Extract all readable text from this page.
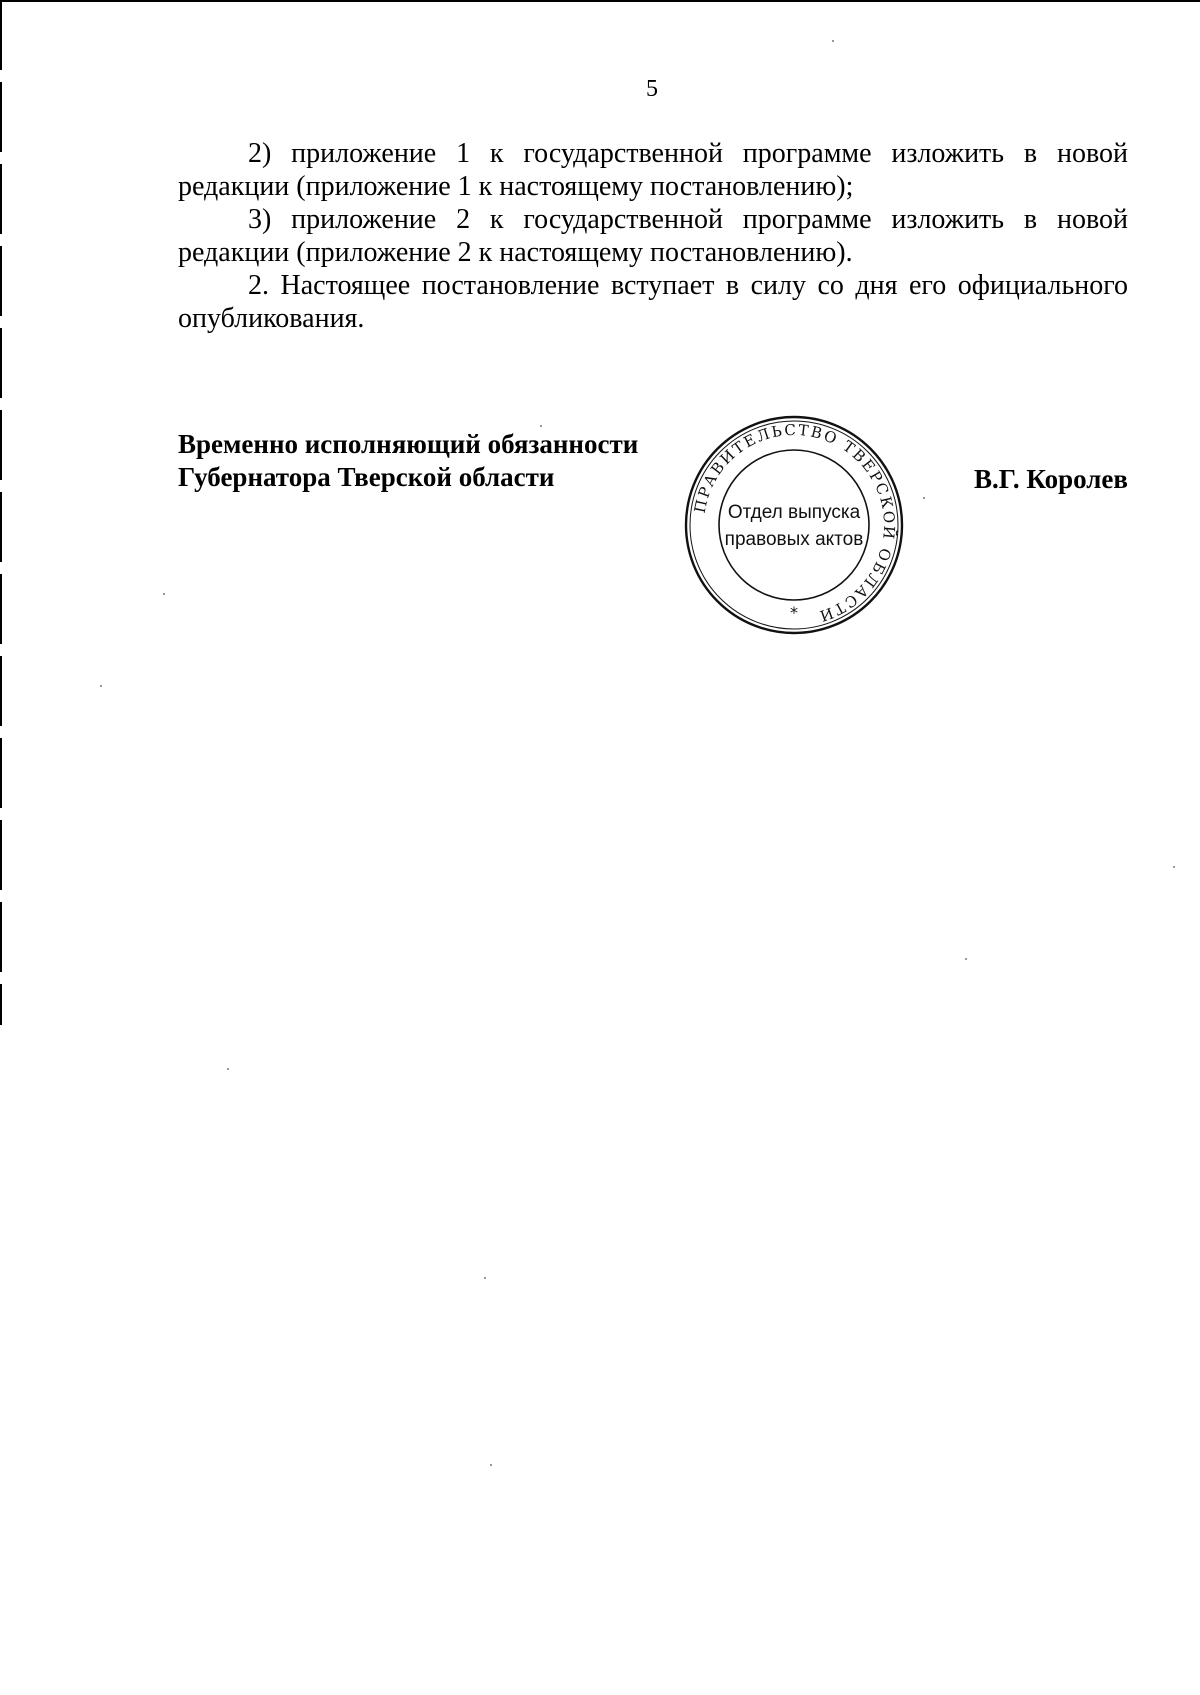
5

2) приложение 1 к государственной программе изложить в новой редакции (приложение 1 к настоящему постановлению);

3) приложение 2 к государственной программе изложить в новой редакции (приложение 2 к настоящему постановлению).

2. Настоящее постановление вступает в силу со дня его официального опубликования.

Временно исполняющий обязанности
Губернатора Тверской области
ПРАВИТЕЛЬСТВО ТВЕРСКОЙ ОБЛАСТИ
Отдел выпуска
правовых актов
*
В.Г. Королев
